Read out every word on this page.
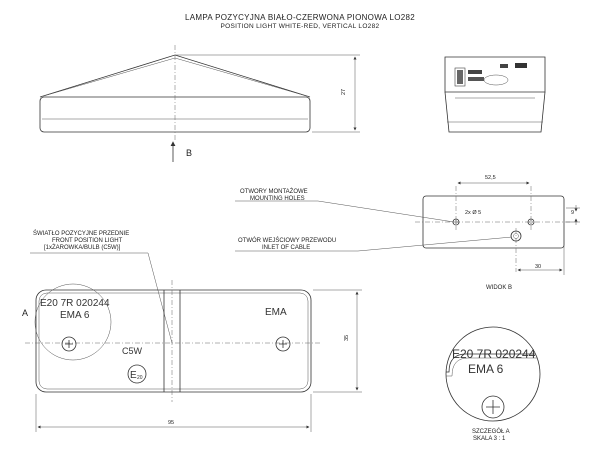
LAMPA POZYCYJNA BIAŁO-CZERWONA PIONOWA LO282
POSITION LIGHT WHITE-RED, VERTICAL LO282
27
B
52,5
9
30
2x Ø 5
WIDOK B
OTWORY MONTAŻOWE
MOUNTING HOLES
OTWÓR WEJŚCIOWY PRZEWODU
INLET OF CABLE
ŚWIATŁO POZYCYJNE PRZEDNIE
FRONT POSITION LIGHT
[1xŻAROWKA/BULB (C5W)]
E20 7R 020244
EMA 6	EMA
C5W
E 20
A
35
95
E20 7R 020244
EMA 6
SZCZEGÓŁ A
SKALA 3 : 1
